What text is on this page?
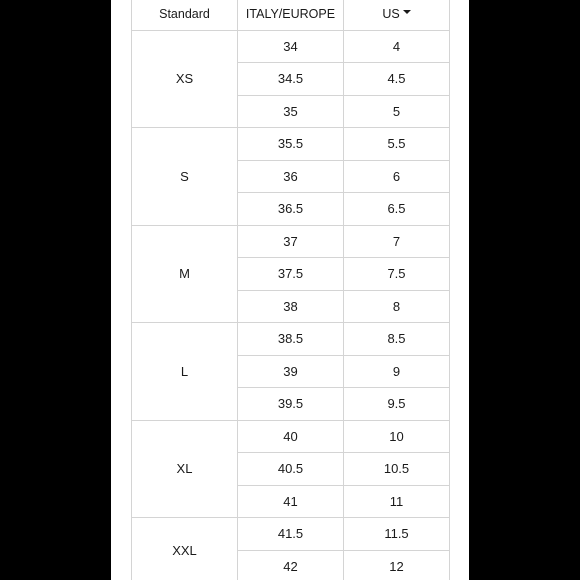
Standard	ITALY/EUROPE	US
XS	34	4
	34.5	4.5
	35	5
S	35.5	5.5
	36	6
	36.5	6.5
M	37	7
	37.5	7.5
	38	8
L	38.5	8.5
	39	9
	39.5	9.5
XL	40	10
	40.5	10.5
	41	11
XXL	41.5	11.5
	42	12
